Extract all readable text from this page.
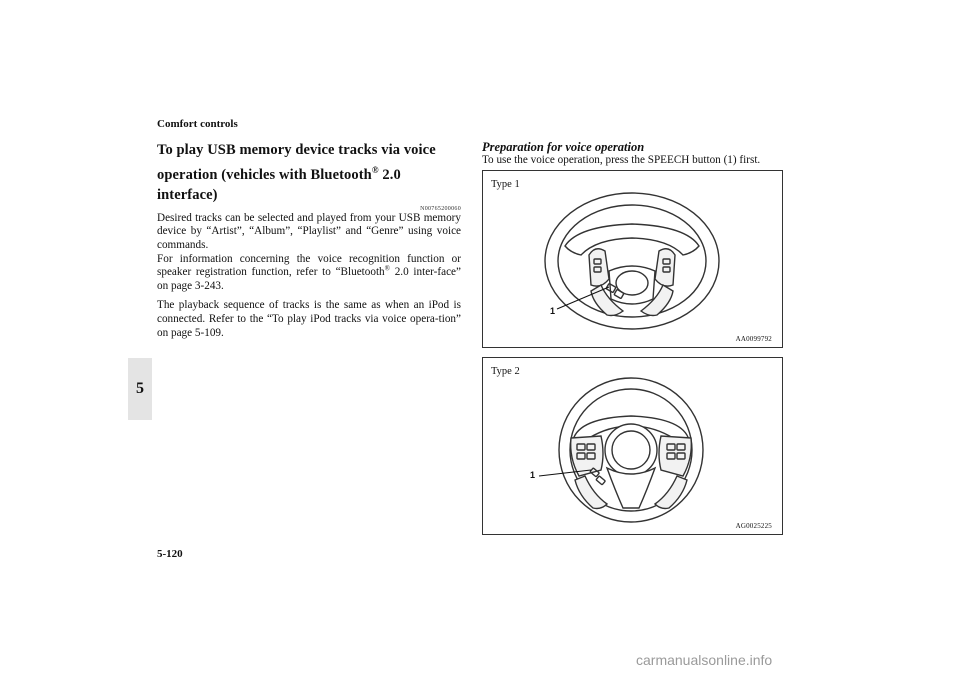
Comfort controls
5
5-120
To play USB memory device tracks via voice
operation (vehicles with Bluetooth® 2.0 interface)
N00765200060

Desired tracks can be selected and played from your USB memory device by “Artist”, “Album”, “Playlist” and “Genre” using voice commands.
For information concerning the voice recognition function or speaker registration function, refer to “Bluetooth® 2.0 inter-face” on page 3-243.

The playback sequence of tracks is the same as when an iPod is connected. Refer to the “To play iPod tracks via voice opera-tion” on page 5-109.

Preparation for voice operation

To use the voice operation, press the SPEECH button (1) first.

Type 1
1
AA0099792
Type 2
1
AG0025225
carmanualsonline.info
